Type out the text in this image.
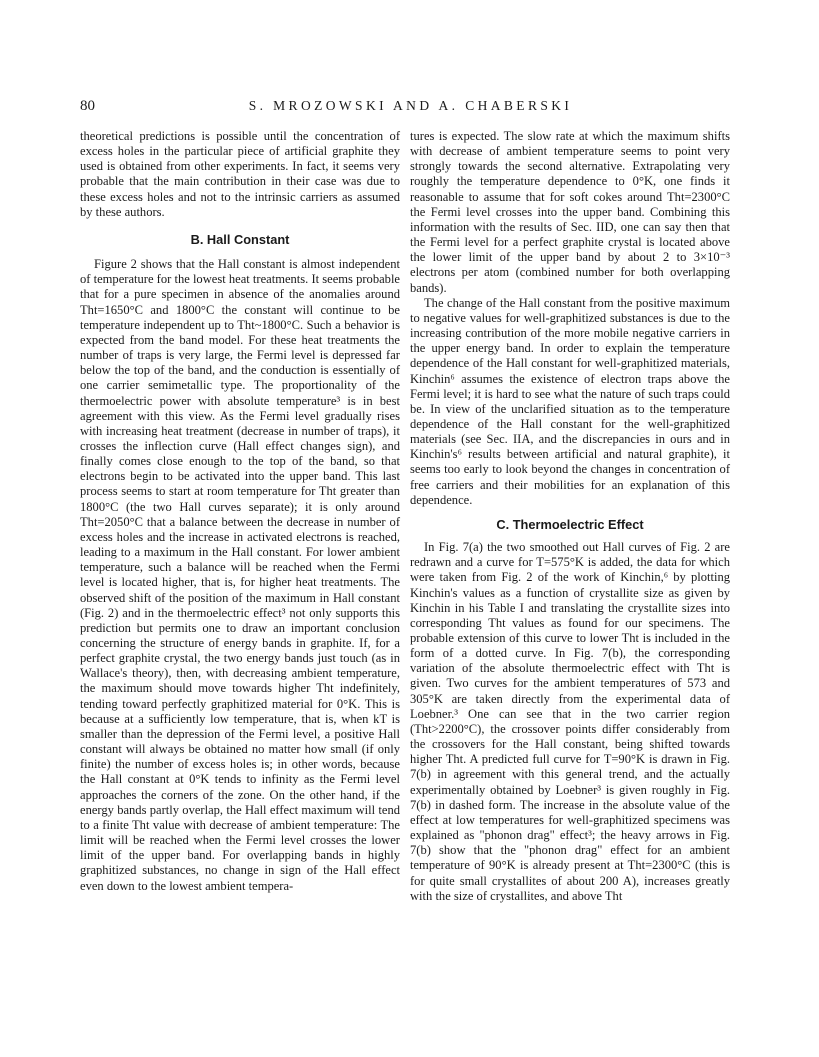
80	S. MROZOWSKI AND A. CHABERSKI

theoretical predictions is possible until the concentration of excess holes in the particular piece of artificial graphite they used is obtained from other experiments. In fact, it seems very probable that the main contribution in their case was due to these excess holes and not to the intrinsic carriers as assumed by these authors.

B. Hall Constant

Figure 2 shows that the Hall constant is almost independent of temperature for the lowest heat treatments. It seems probable that for a pure specimen in absence of the anomalies around Tht=1650°C and 1800°C the constant will continue to be temperature independent up to Tht~1800°C. Such a behavior is expected from the band model. For these heat treatments the number of traps is very large, the Fermi level is depressed far below the top of the band, and the conduction is essentially of one carrier semimetallic type. The proportionality of the thermoelectric power with absolute temperature³ is in best agreement with this view. As the Fermi level gradually rises with increasing heat treatment (decrease in number of traps), it crosses the inflection curve (Hall effect changes sign), and finally comes close enough to the top of the band, so that electrons begin to be activated into the upper band. This last process seems to start at room temperature for Tht greater than 1800°C (the two Hall curves separate); it is only around Tht=2050°C that a balance between the decrease in number of excess holes and the increase in activated electrons is reached, leading to a maximum in the Hall constant. For lower ambient temperature, such a balance will be reached when the Fermi level is located higher, that is, for higher heat treatments. The observed shift of the position of the maximum in Hall constant (Fig. 2) and in the thermoelectric effect³ not only supports this prediction but permits one to draw an important conclusion concerning the structure of energy bands in graphite. If, for a perfect graphite crystal, the two energy bands just touch (as in Wallace's theory), then, with decreasing ambient temperature, the maximum should move towards higher Tht indefinitely, tending toward perfectly graphitized material for 0°K. This is because at a sufficiently low temperature, that is, when kT is smaller than the depression of the Fermi level, a positive Hall constant will always be obtained no matter how small (if only finite) the number of excess holes is; in other words, because the Hall constant at 0°K tends to infinity as the Fermi level approaches the corners of the zone. On the other hand, if the energy bands partly overlap, the Hall effect maximum will tend to a finite Tht value with decrease of ambient temperature: The limit will be reached when the Fermi level crosses the lower limit of the upper band. For overlapping bands in highly graphitized substances, no change in sign of the Hall effect even down to the lowest ambient tempera-

tures is expected. The slow rate at which the maximum shifts with decrease of ambient temperature seems to point very strongly towards the second alternative. Extrapolating very roughly the temperature dependence to 0°K, one finds it reasonable to assume that for soft cokes around Tht=2300°C the Fermi level crosses into the upper band. Combining this information with the results of Sec. IID, one can say then that the Fermi level for a perfect graphite crystal is located above the lower limit of the upper band by about 2 to 3×10⁻³ electrons per atom (combined number for both overlapping bands).

The change of the Hall constant from the positive maximum to negative values for well-graphitized substances is due to the increasing contribution of the more mobile negative carriers in the upper energy band. In order to explain the temperature dependence of the Hall constant for well-graphitized materials, Kinchin⁶ assumes the existence of electron traps above the Fermi level; it is hard to see what the nature of such traps could be. In view of the unclarified situation as to the temperature dependence of the Hall constant for the well-graphitized materials (see Sec. IIA, and the discrepancies in ours and in Kinchin's⁶ results between artificial and natural graphite), it seems too early to look beyond the changes in concentration of free carriers and their mobilities for an explanation of this dependence.

C. Thermoelectric Effect

In Fig. 7(a) the two smoothed out Hall curves of Fig. 2 are redrawn and a curve for T=575°K is added, the data for which were taken from Fig. 2 of the work of Kinchin,⁶ by plotting Kinchin's values as a function of crystallite size as given by Kinchin in his Table I and translating the crystallite sizes into corresponding Tht values as found for our specimens. The probable extension of this curve to lower Tht is included in the form of a dotted curve. In Fig. 7(b), the corresponding variation of the absolute thermoelectric effect with Tht is given. Two curves for the ambient temperatures of 573 and 305°K are taken directly from the experimental data of Loebner.³ One can see that in the two carrier region (Tht>2200°C), the crossover points differ considerably from the crossovers for the Hall constant, being shifted towards higher Tht. A predicted full curve for T=90°K is drawn in Fig. 7(b) in agreement with this general trend, and the actually experimentally obtained by Loebner³ is given roughly in Fig. 7(b) in dashed form. The increase in the absolute value of the effect at low temperatures for well-graphitized specimens was explained as "phonon drag" effect³; the heavy arrows in Fig. 7(b) show that the "phonon drag" effect for an ambient temperature of 90°K is already present at Tht=2300°C (this is for quite small crystallites of about 200 A), increases greatly with the size of crystallites, and above Tht
